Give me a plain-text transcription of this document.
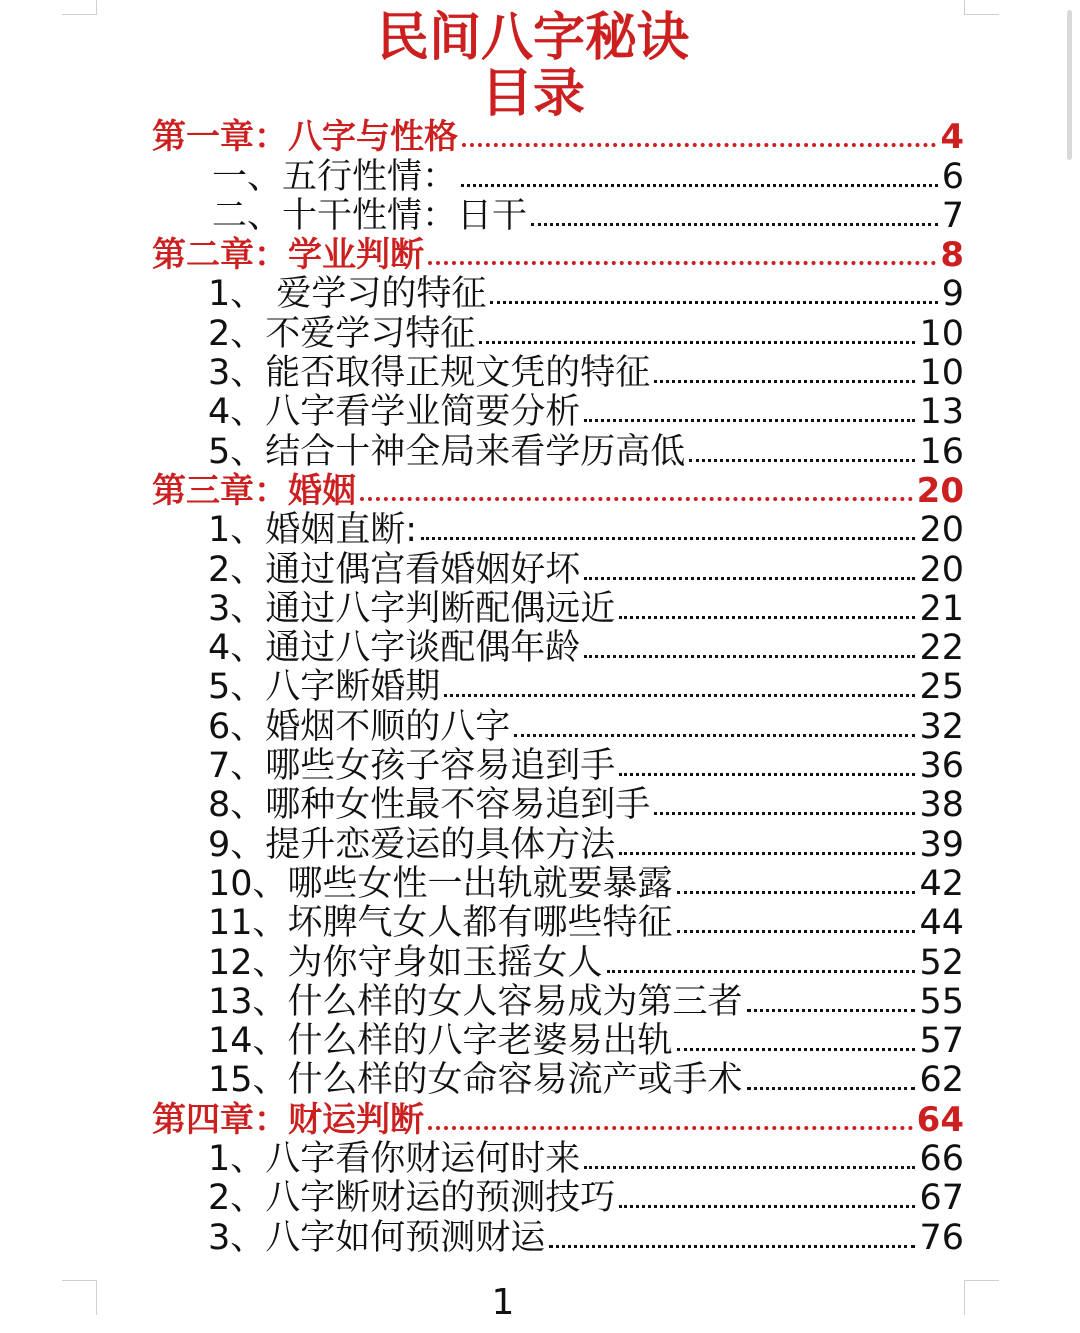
民间八字秘诀
目录
第一章：八字与性格	4
一、五行性情：	6
二、十干性情：日干	7
第二章：学业判断	8
1、 爱学习的特征	9
2、不爱学习特征	10
3、能否取得正规文凭的特征	10
4、八字看学业简要分析	13
5、结合十神全局来看学历高低	16
第三章：婚姻	20
1、婚姻直断:	20
2、通过偶宫看婚姻好坏	20
3、通过八字判断配偶远近	21
4、通过八字谈配偶年龄	22
5、八字断婚期	25
6、婚烟不顺的八字	32
7、哪些女孩子容易追到手	36
8、哪种女性最不容易追到手	38
9、提升恋爱运的具体方法	39
10、哪些女性一出轨就要暴露	42
11、坏脾气女人都有哪些特征	44
12、为你守身如玉摇女人	52
13、什么样的女人容易成为第三者	55
14、什么样的八字老婆易出轨	57
15、什么样的女命容易流产或手术	62
第四章：财运判断	64
1、八字看你财运何时来	66
2、八字断财运的预测技巧	67
3、八字如何预测财运	76
1
